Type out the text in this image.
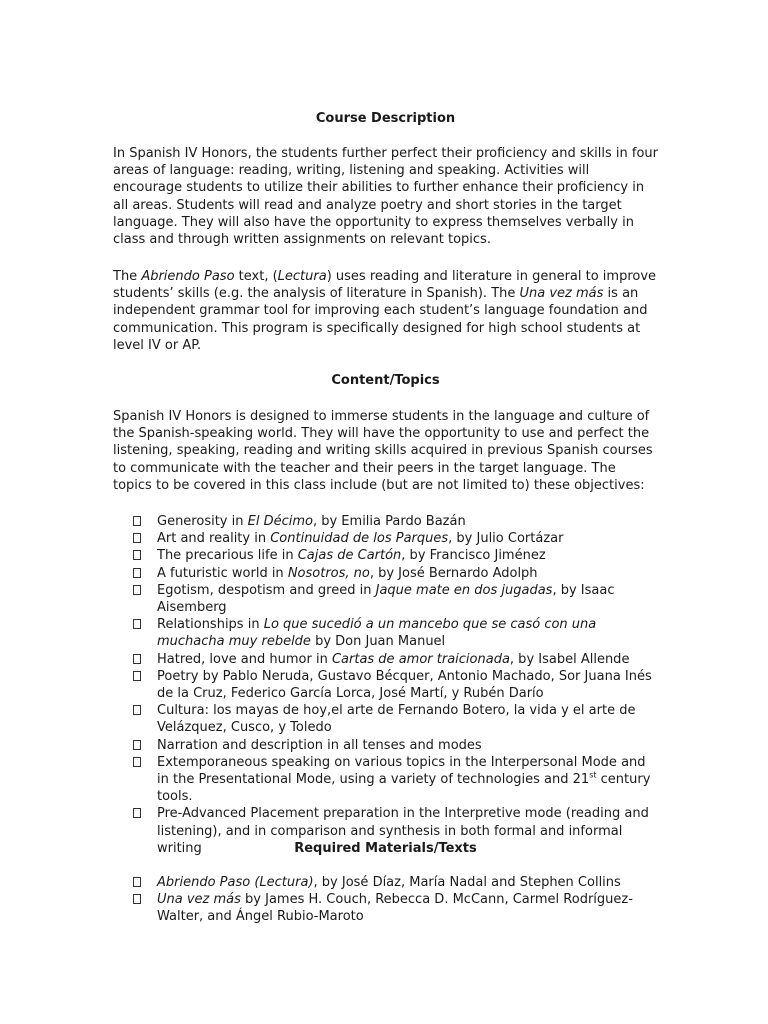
Course Description

In Spanish IV Honors, the students further perfect their proficiency and skills in four areas of language: reading, writing, listening and speaking. Activities will encourage students to utilize their abilities to further enhance their proficiency in all areas. Students will read and analyze poetry and short stories in the target language. They will also have the opportunity to express themselves verbally in class and through written assignments on relevant topics.

The Abriendo Paso text, (Lectura) uses reading and literature in general to improve students’ skills (e.g. the analysis of literature in Spanish). The Una vez más is an independent grammar tool for improving each student’s language foundation and communication. This program is specifically designed for high school students at level IV or AP.

Content/Topics

Spanish IV Honors is designed to immerse students in the language and culture of the Spanish-speaking world. They will have the opportunity to use and perfect the listening, speaking, reading and writing skills acquired in previous Spanish courses to communicate with the teacher and their peers in the target language. The topics to be covered in this class include (but are not limited to) these objectives:

Generosity in El Décimo, by Emilia Pardo Bazán
Art and reality in Continuidad de los Parques, by Julio Cortázar
The precarious life in Cajas de Cartón, by Francisco Jiménez
A futuristic world in Nosotros, no, by José Bernardo Adolph
Egotism, despotism and greed in Jaque mate en dos jugadas, by Isaac Aisemberg
Relationships in Lo que sucedió a un mancebo que se casó con una muchacha muy rebelde by Don Juan Manuel
Hatred, love and humor in Cartas de amor traicionada, by Isabel Allende
Poetry by Pablo Neruda, Gustavo Bécquer, Antonio Machado, Sor Juana Inés de la Cruz, Federico García Lorca, José Martí, y Rubén Darío
Cultura: los mayas de hoy,el arte de Fernando Botero, la vida y el arte de Velázquez, Cusco, y Toledo
Narration and description in all tenses and modes
Extemporaneous speaking on various topics in the Interpersonal Mode and in the Presentational Mode, using a variety of technologies and 21st century tools.
Pre-Advanced Placement preparation in the Interpretive mode (reading and listening), and in comparison and synthesis in both formal and informal writing	Required Materials/Texts
Abriendo Paso (Lectura), by José Díaz, María Nadal and Stephen Collins
Una vez más by James H. Couch, Rebecca D. McCann, Carmel Rodríguez-Walter, and Ángel Rubio-Maroto
